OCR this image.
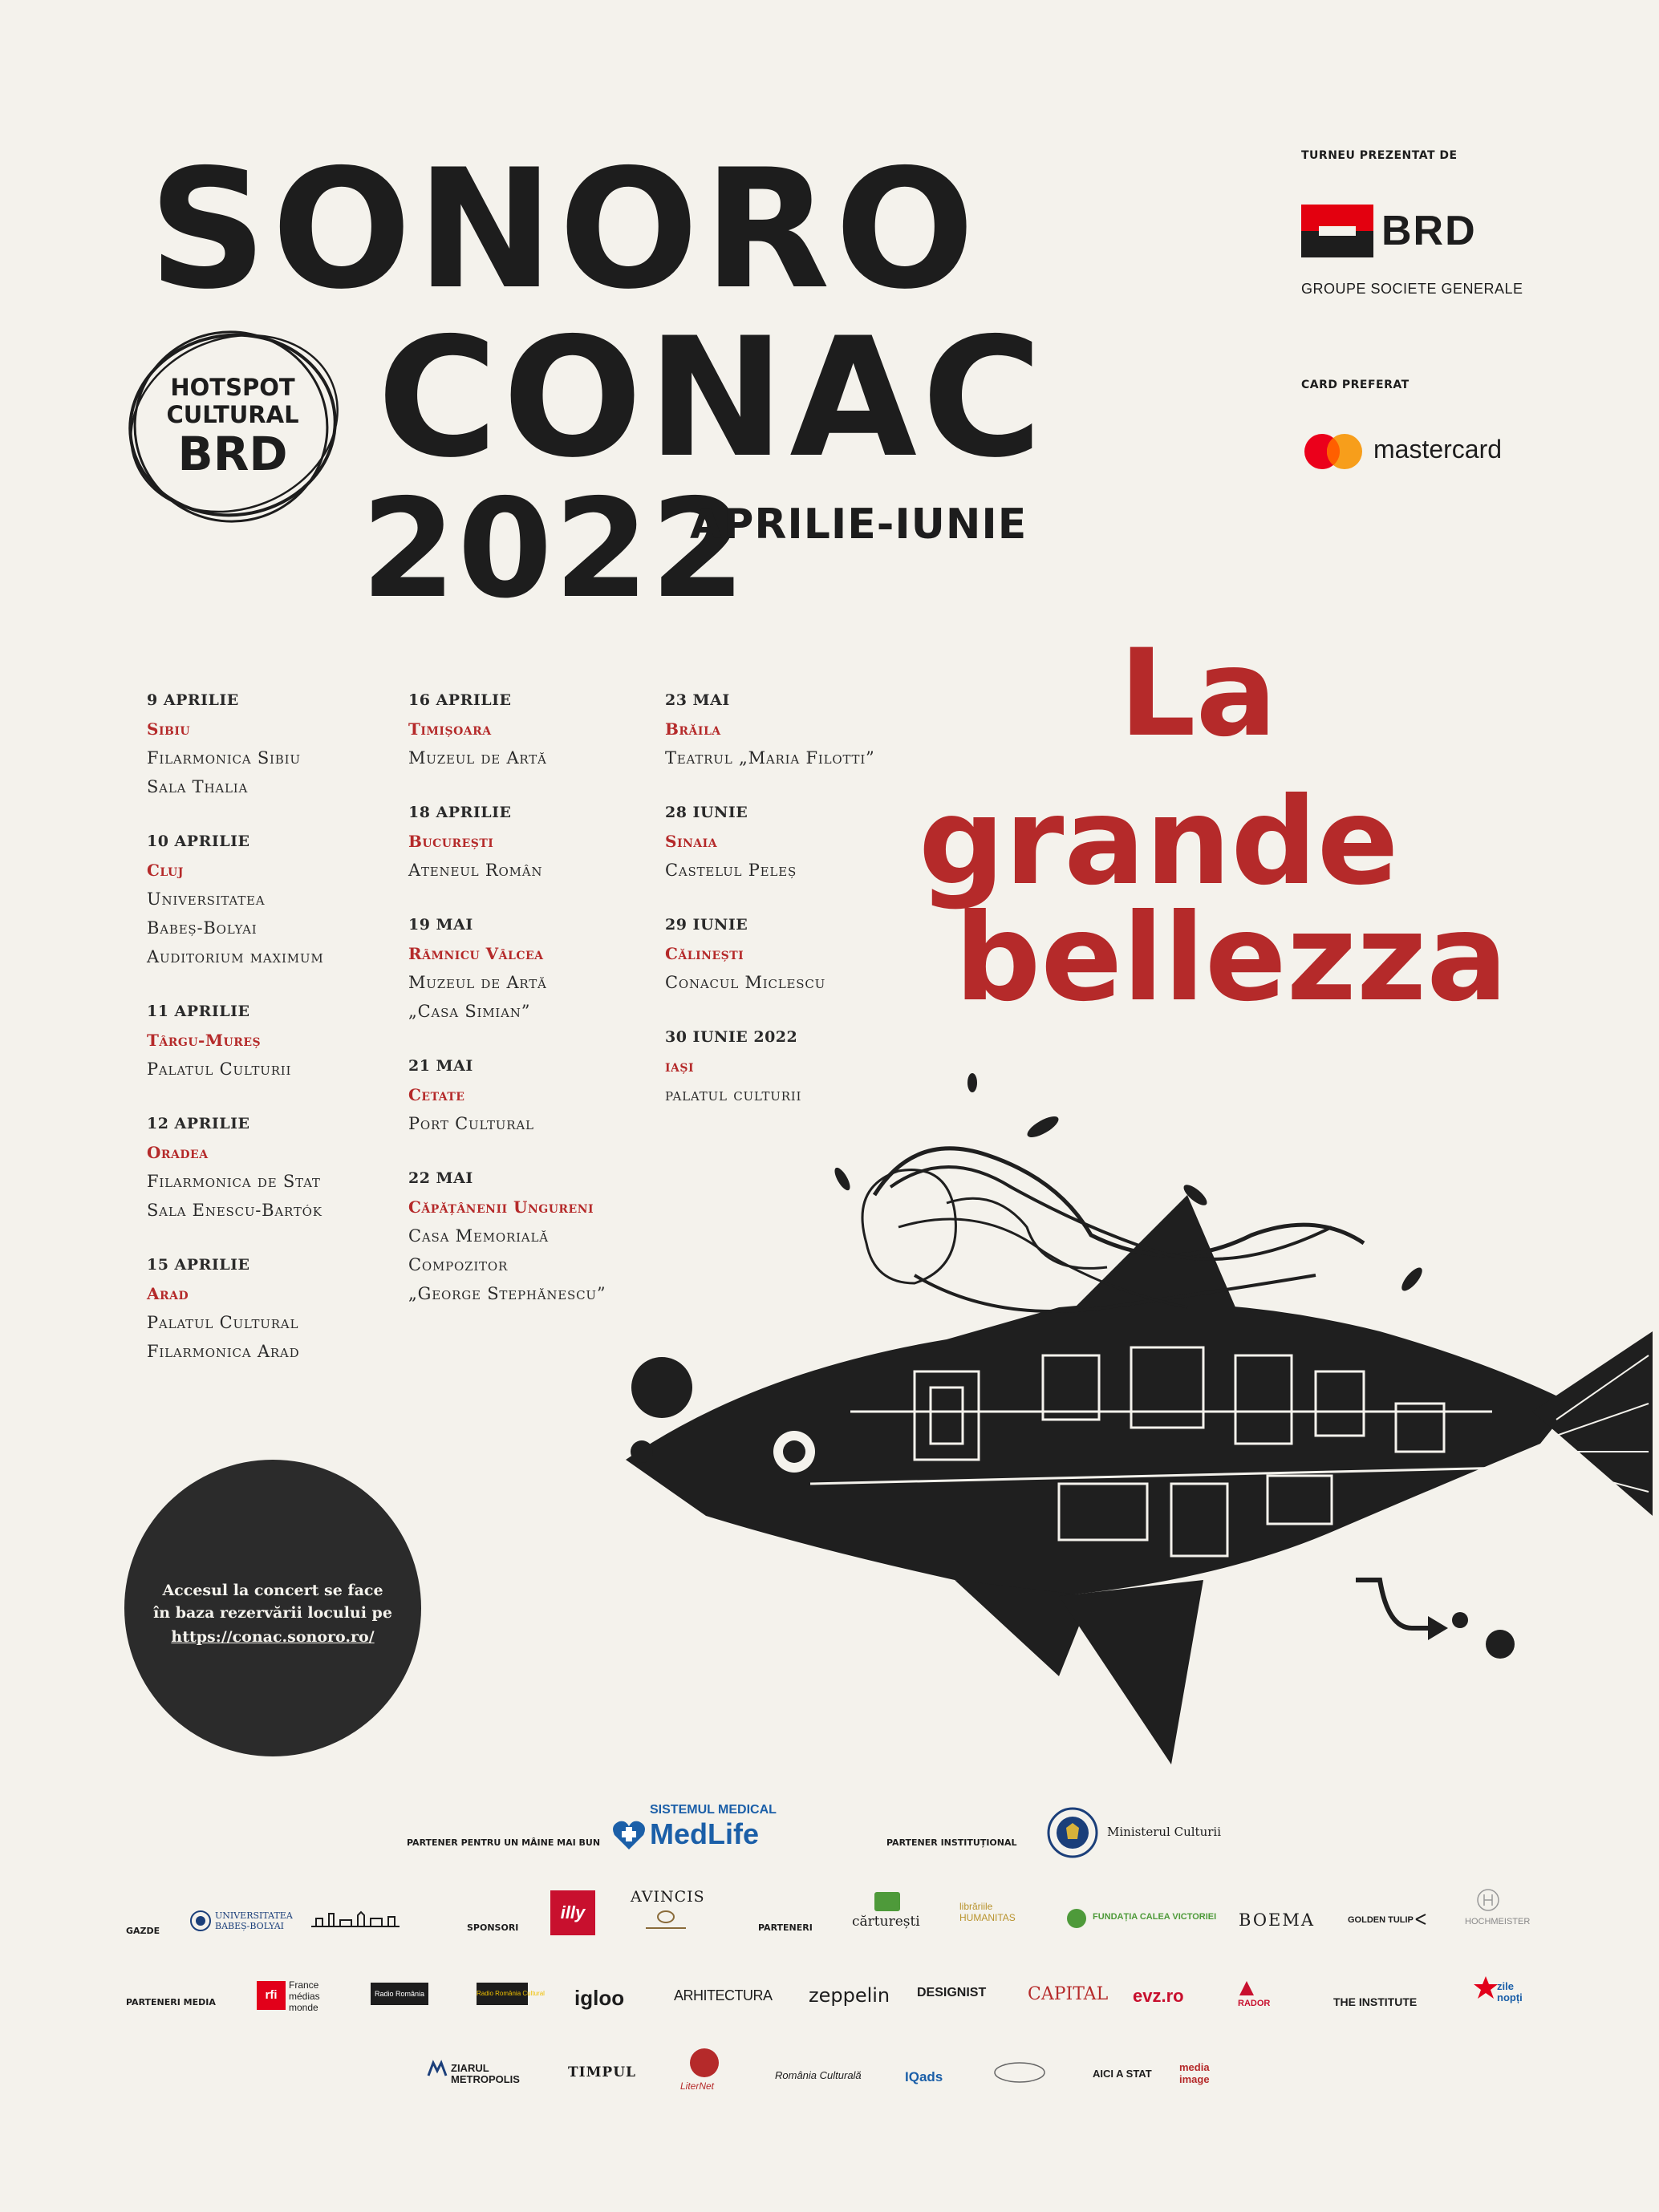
SONORO
CONAC
2022
APRILIE-IUNIE
HOTSPOT
CULTURAL
BRD
TURNEU PREZENTAT DE
BRD
GROUPE SOCIETE GENERALE
CARD PREFERAT
mastercard
La
grande
bellezza
9 APRILIE
Sibiu
Filarmonica Sibiu
Sala Thalia
10 APRILIE
Cluj
Universitatea
Babeș-Bolyai
Auditorium maximum
11 APRILIE
Târgu-Mureș
Palatul Culturii
12 APRILIE
Oradea
Filarmonica de Stat
Sala Enescu-Bartók
15 APRILIE
Arad
Palatul Cultural
Filarmonica Arad
16 APRILIE
Timișoara
Muzeul de Artă
18 APRILIE
București
Ateneul Român
19 MAI
Râmnicu Vâlcea
Muzeul de Artă
„Casa Simian”
21 MAI
Cetate
Port Cultural
22 MAI
Căpățânenii Ungureni
Casa Memorială
Compozitor
„George Stephănescu”
23 MAI
Brăila
Teatrul „Maria Filotti”
28 IUNIE
Sinaia
Castelul Peleș
29 IUNIE
Călinești
Conacul Miclescu
30 IUNIE 2022
iași
palatul culturii
Accesul la concert se face
în baza rezervării locului pe
https://conac.sonoro.ro/
PARTENER PENTRU UN MÂINE MAI BUN
SISTEMUL MEDICAL
MedLife	PARTENER INSTITUȚIONAL
Ministerul Culturii
GAZDE
UNIVERSITATEA
BABEȘ-BOLYAI	SPONSORI
illy
AVINCIS
PARTENERI	cărturești
librăriile HUMANITAS	FUNDAȚIA CALEA VICTORIEI BOEMA	GOLDEN TULIP	HOCHMEISTER
PARTENERI MEDIA
rfi
France médias monde
Radio România	Radio România Cultural igloo	ARHITECTURA zeppelin DESIGNIST CAPITAL evz.ro	RADOR	THE INSTITUTE
zile nopți
ZIARUL METROPOLIS	TIMPUL
LiterNet
România Culturală	IQads	AICI A STAT
media image
